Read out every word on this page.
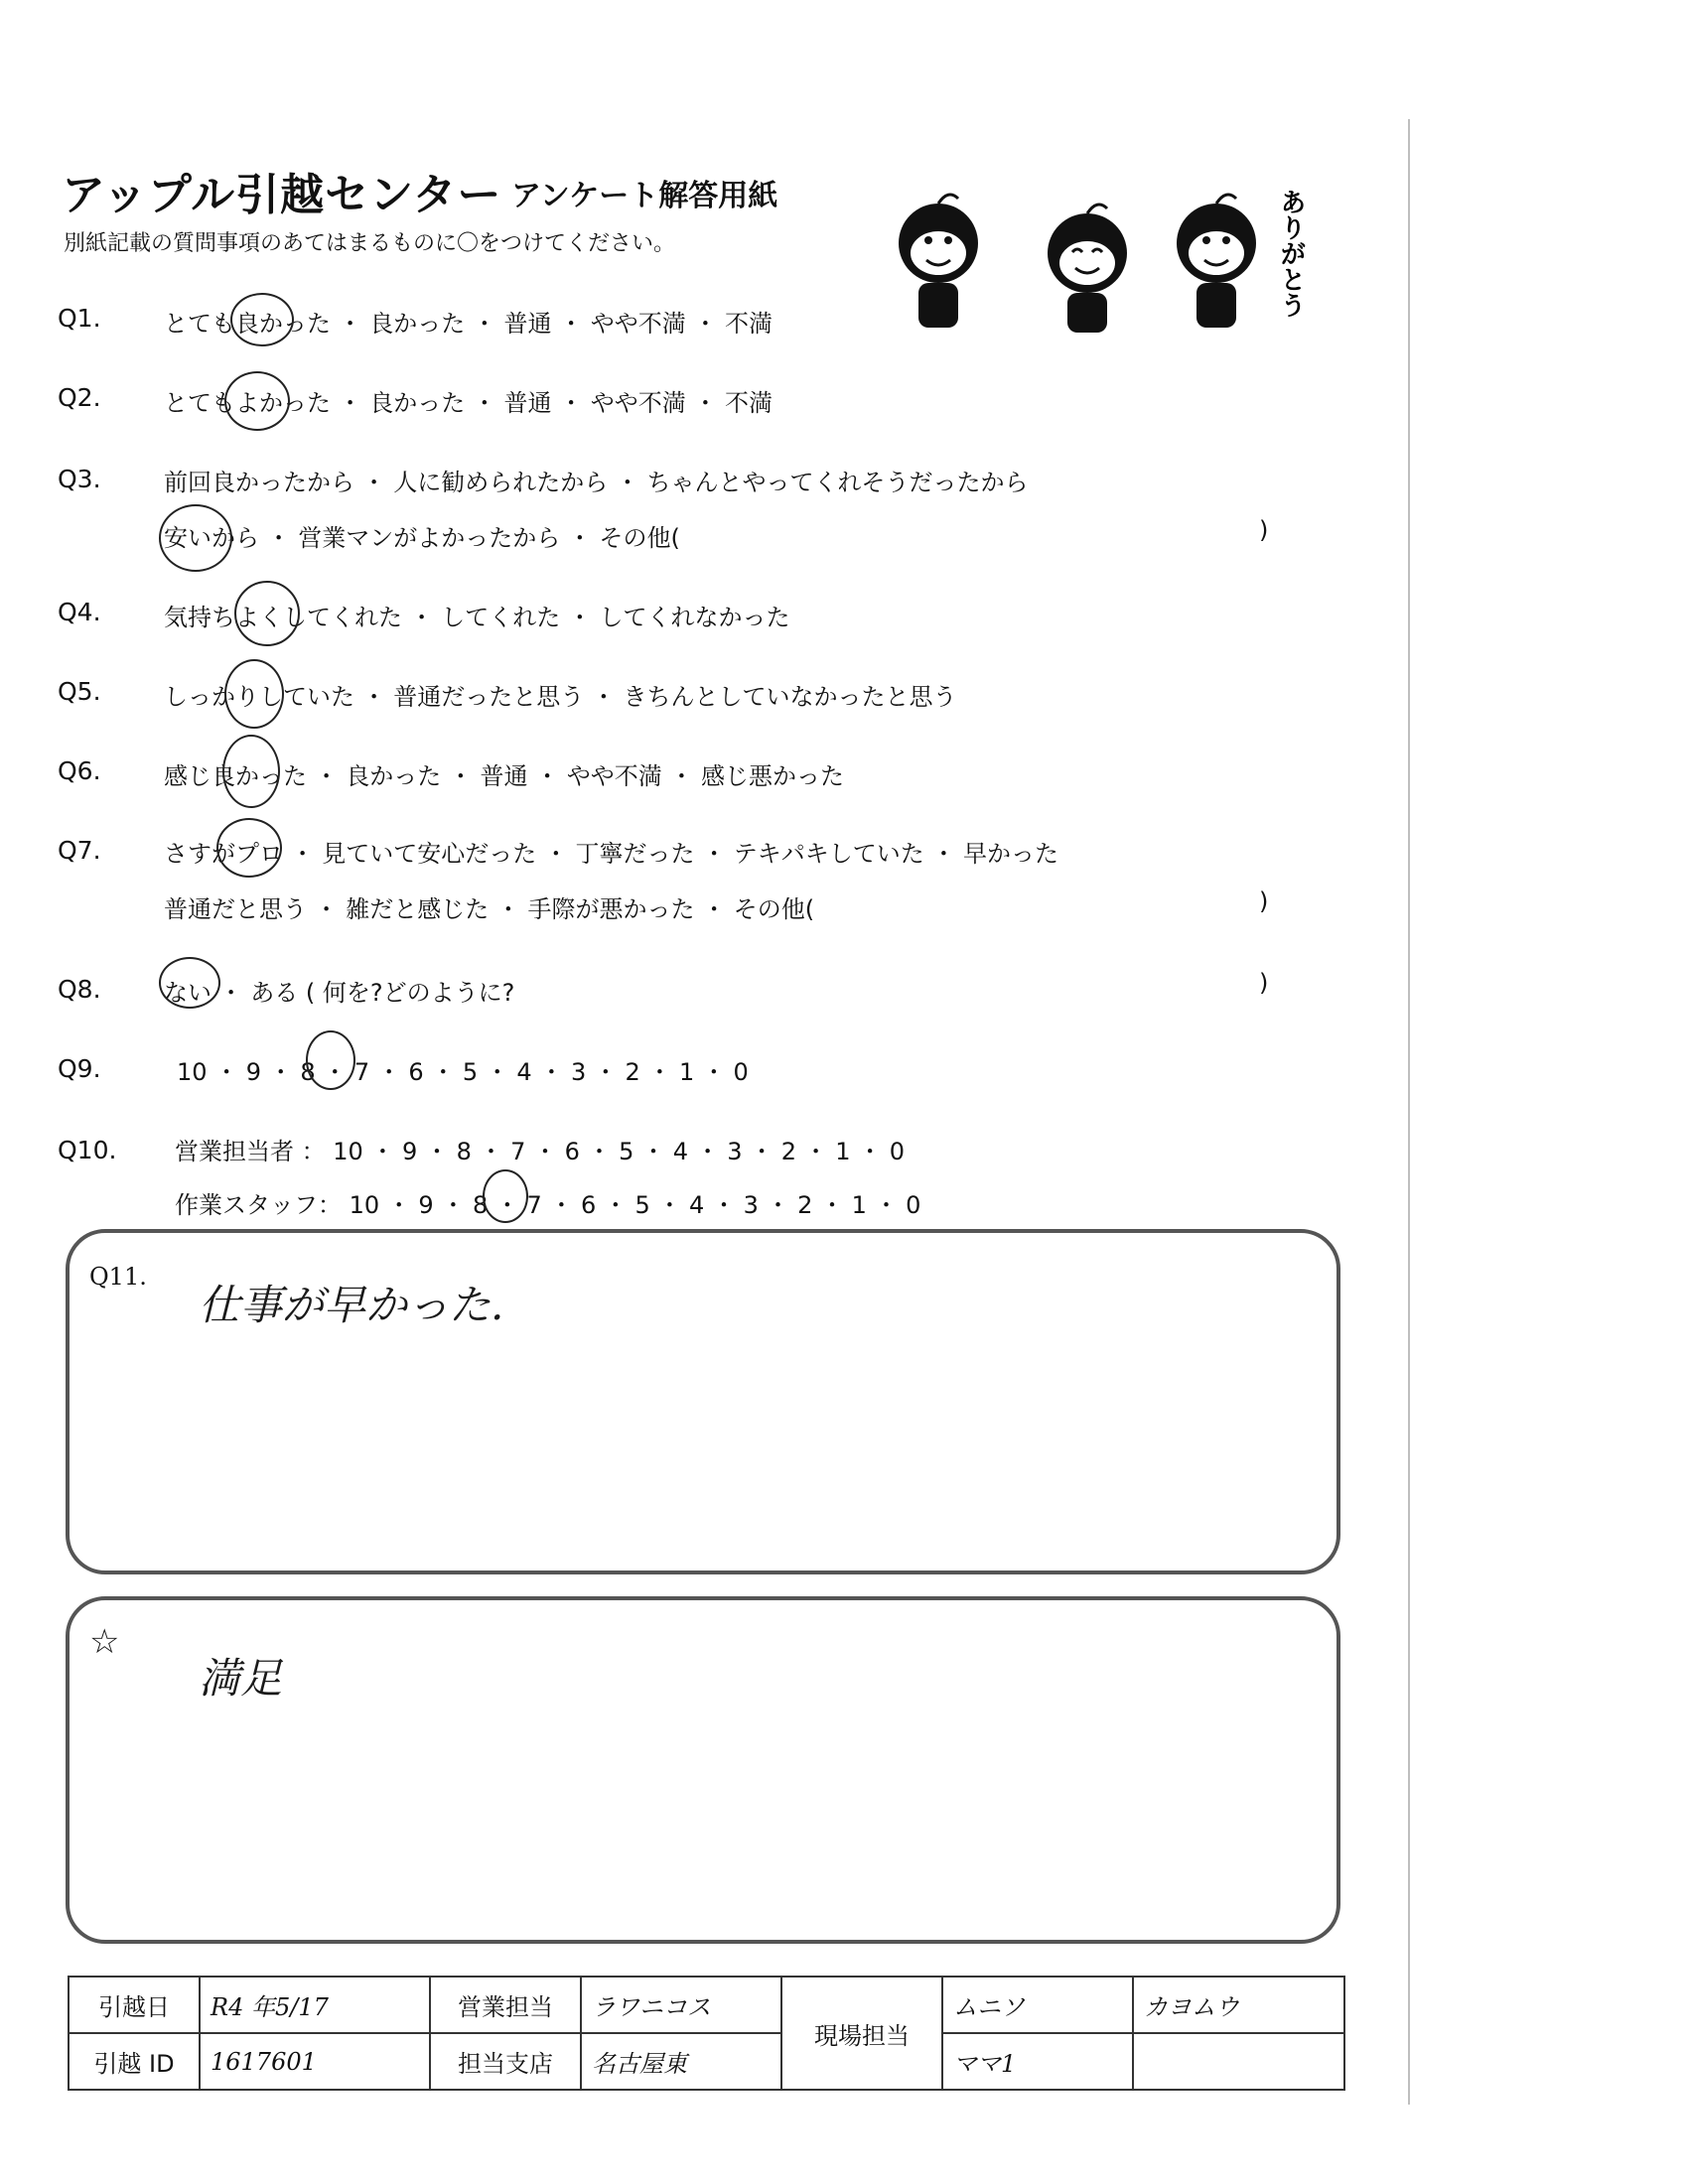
アップル引越センター アンケート解答用紙
別紙記載の質問事項のあてはまるものに〇をつけてください。	ありがとう
Q1.	とても良かった ・ 良かった ・ 普通 ・ やや不満 ・ 不満
Q2.	とてもよかった ・ 良かった ・ 普通 ・ やや不満 ・ 不満
Q3.	前回良かったから ・ 人に勧められたから ・ ちゃんとやってくれそうだったから
安いから ・ 営業マンがよかったから ・ その他(	)
Q4.	気持ちよくしてくれた ・ してくれた ・ してくれなかった
Q5.	しっかりしていた ・ 普通だったと思う ・ きちんとしていなかったと思う
Q6.	感じ良かった ・ 良かった ・ 普通 ・ やや不満 ・ 感じ悪かった
Q7.	さすがプロ ・ 見ていて安心だった ・ 丁寧だった ・ テキパキしていた ・ 早かった
普通だと思う ・ 雑だと感じた ・ 手際が悪かった ・ その他(	)
Q8.	ない ・ ある ( 何を?どのように?	)
Q9.	10 ・ 9 ・ 8 ・ 7 ・ 6 ・ 5 ・ 4 ・ 3 ・ 2 ・ 1 ・ 0
Q10. 営業担当者 ： 10 ・ 9 ・ 8 ・ 7 ・ 6 ・ 5 ・ 4 ・ 3 ・ 2 ・ 1 ・ 0
作業スタッフ： 10 ・ 9 ・ 8 ・ 7 ・ 6 ・ 5 ・ 4 ・ 3 ・ 2 ・ 1 ・ 0
Q11.
仕事が早かった.
☆
満足
引越日	R4 年5/17	営業担当	ラワニコス	現場担当	ムニソ	カヨムウ
引越 ID	1617601	担当支店	名古屋東		ママ1	
